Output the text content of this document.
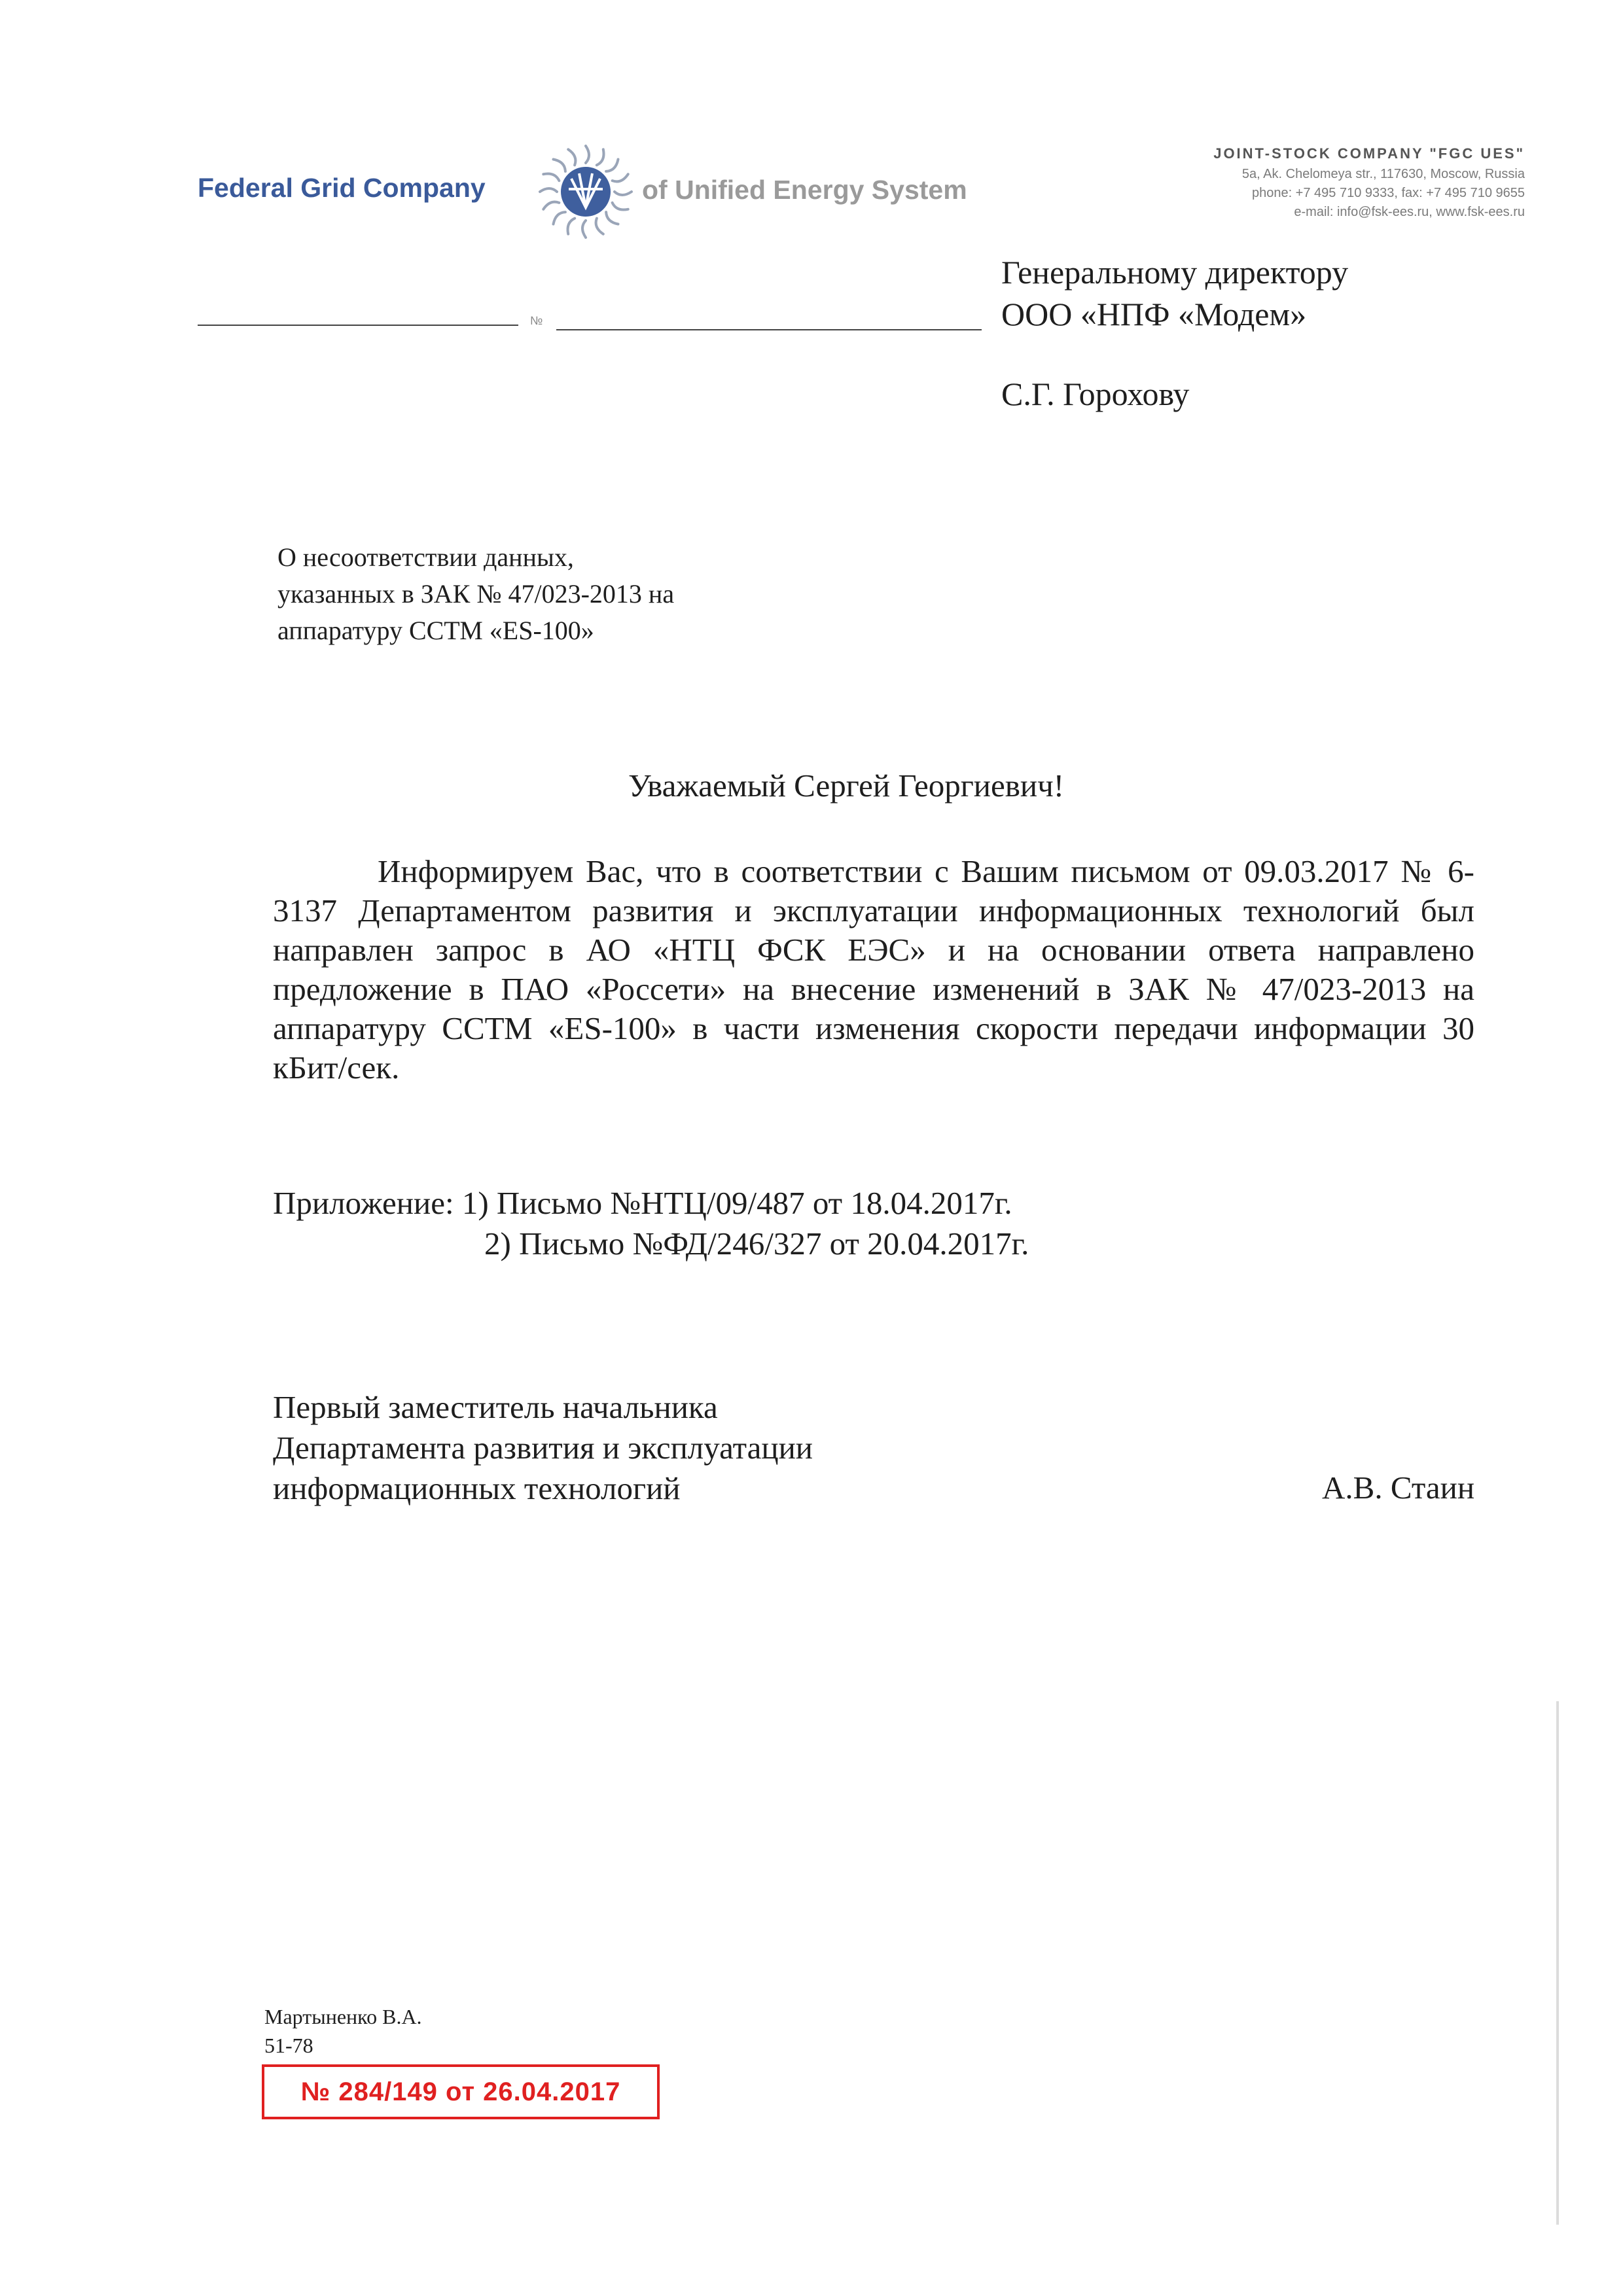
Federal Grid Company	of Unified Energy System
JOINT-STOCK COMPANY "FGC UES"
5a, Ak. Chelomeya str., 117630, Moscow, Russia
phone: +7 495 710 9333, fax: +7 495 710 9655
e-mail: info@fsk-ees.ru, www.fsk-ees.ru
№
Генеральному директору
ООО «НПФ «Модем»
С.Г. Горохову
О несоответствии данных,
указанных в ЗАК № 47/023-2013 на
аппаратуру ССТМ «ES-100»
Уважаемый Сергей Георгиевич!
Информируем Вас, что в соответствии с Вашим письмом от 09.03.2017 № 6-3137 Департаментом развития и эксплуатации информационных технологий был направлен запрос в АО «НТЦ ФСК ЕЭС» и на основании ответа направлено предложение в ПАО «Россети» на внесение изменений в ЗАК № 47/023-2013 на аппаратуру ССТМ «ES-100» в части изменения скорости передачи информации 30 кБит/сек.
Приложение: 1) Письмо №НТЦ/09/487 от 18.04.2017г.
2) Письмо №ФД/246/327 от 20.04.2017г.
Первый заместитель начальника
Департамента развития и эксплуатации
информационных технологий	А.В. Стаин
Мартыненко В.А.
51-78
№ 284/149 от 26.04.2017
